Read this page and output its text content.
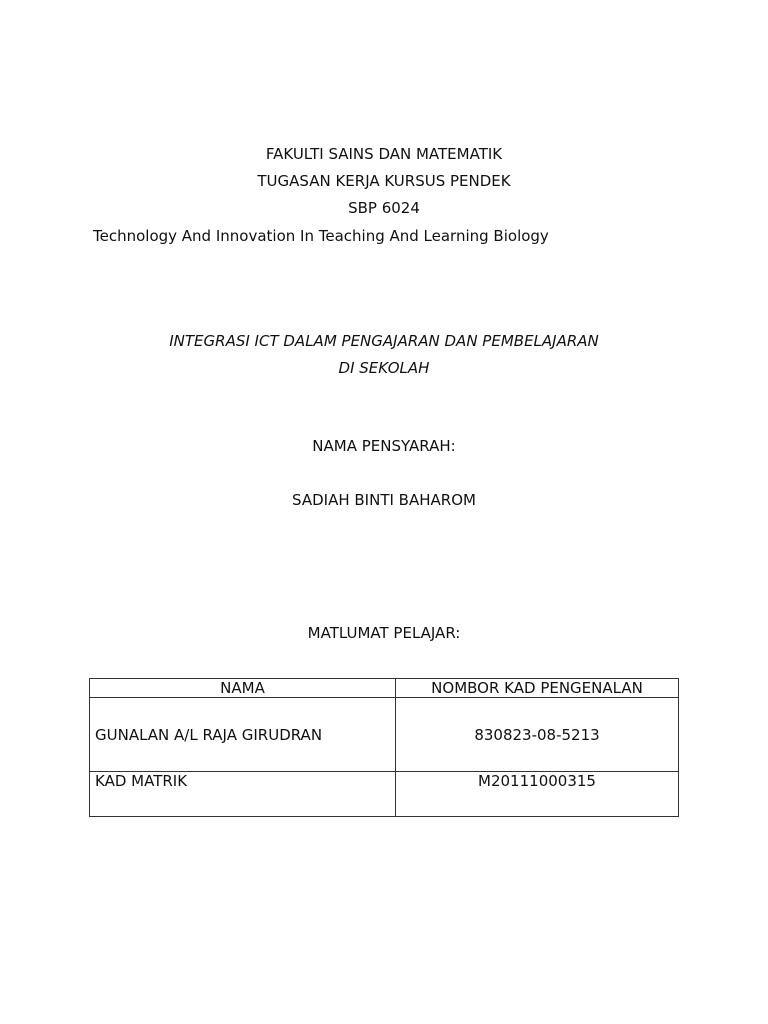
FAKULTI SAINS DAN MATEMATIK
TUGASAN KERJA KURSUS PENDEK
SBP 6024
Technology And Innovation In Teaching And Learning Biology
INTEGRASI ICT DALAM PENGAJARAN DAN PEMBELAJARAN
DI SEKOLAH
NAMA PENSYARAH:
SADIAH BINTI BAHAROM
MATLUMAT PELAJAR:
NAMA	NOMBOR KAD PENGENALAN
GUNALAN A/L RAJA GIRUDRAN	830823-08-5213
KAD MATRIK	M20111000315
